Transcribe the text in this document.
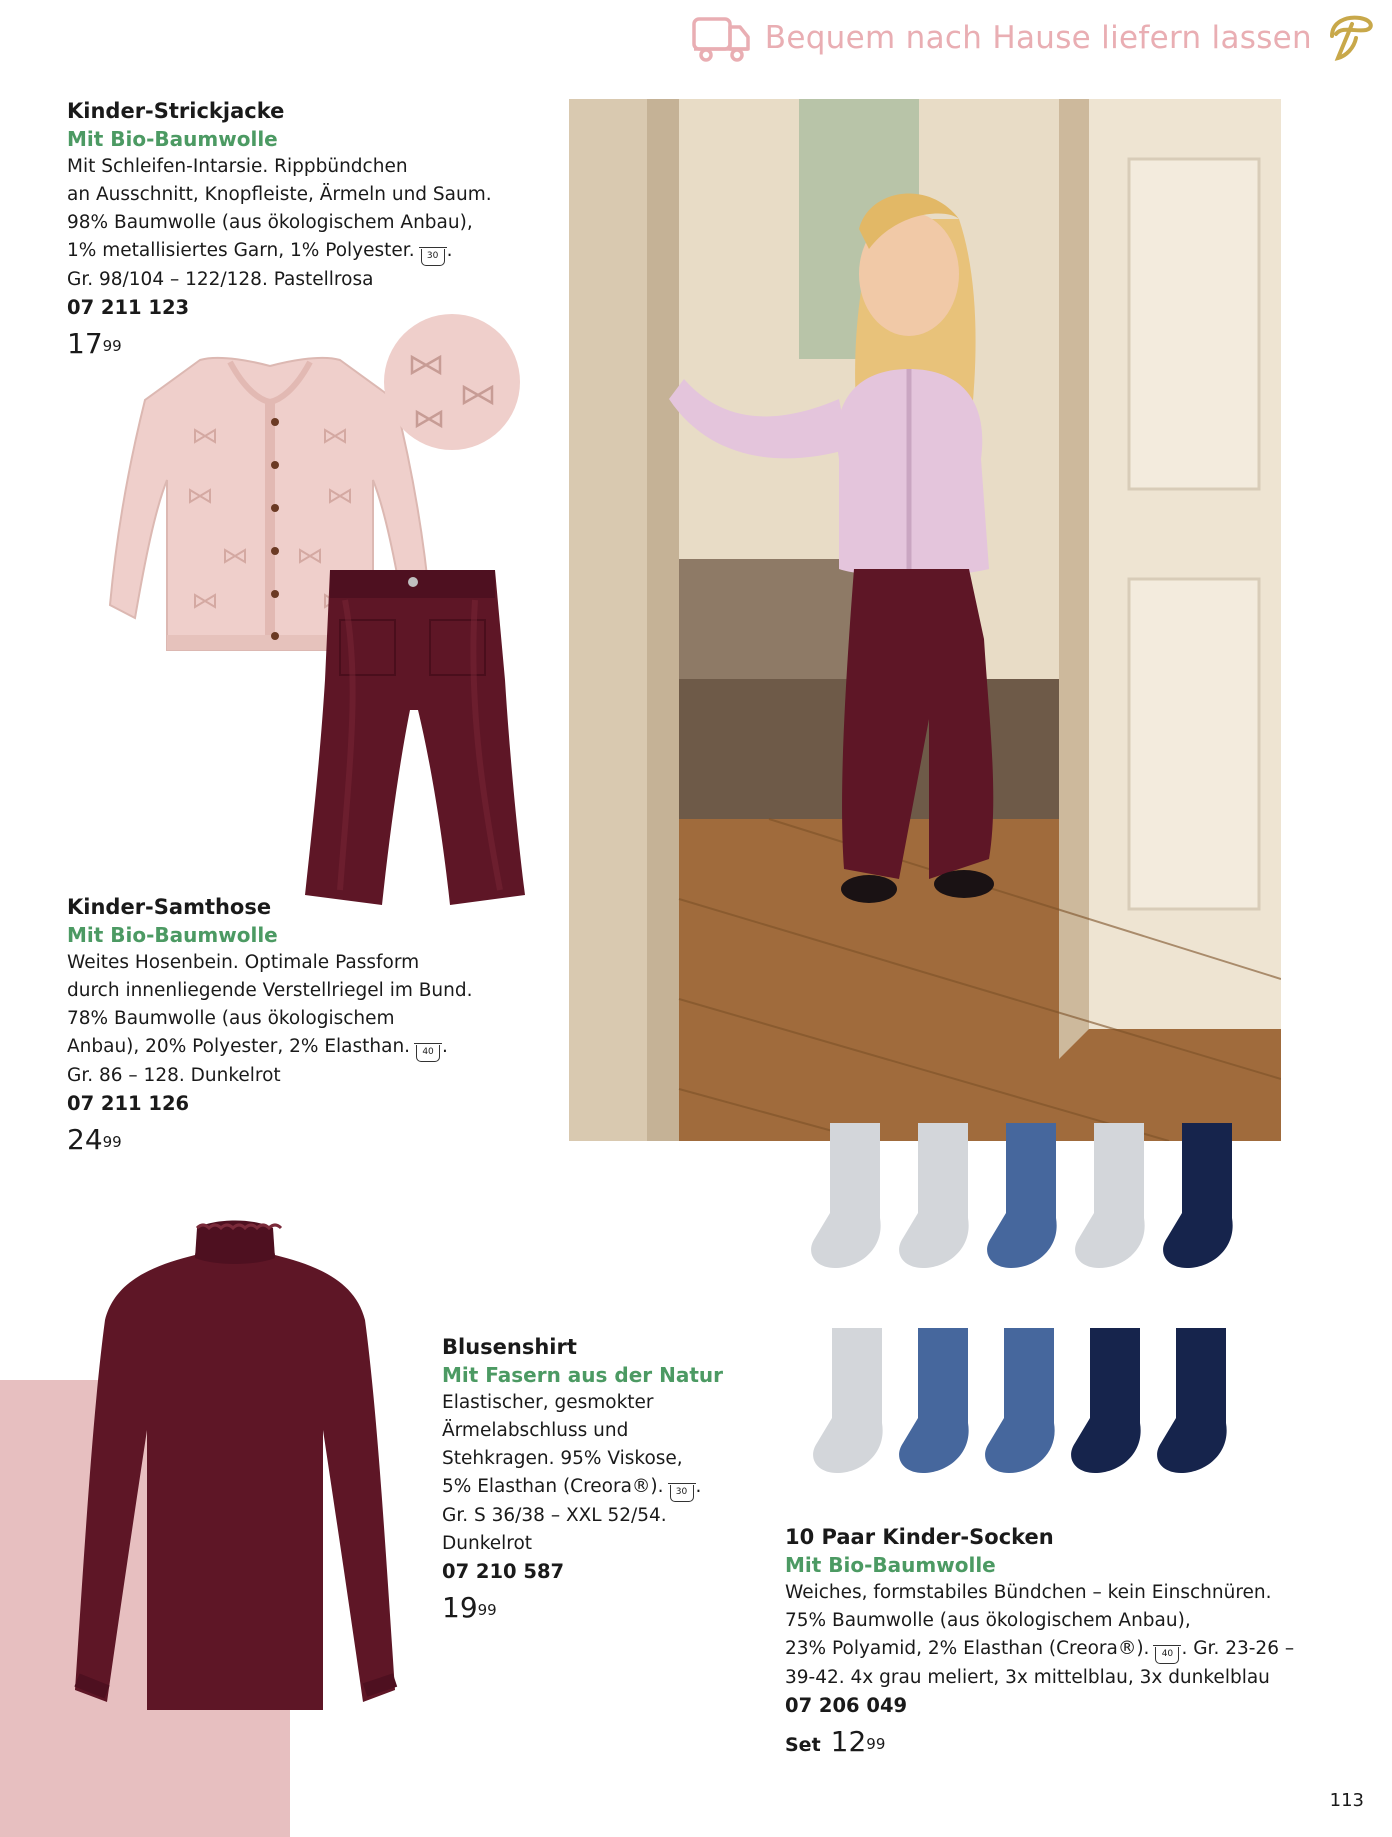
Bequem nach Hause liefern lassen
Kinder-Strickjacke
Mit Bio-Baumwolle
Mit Schleifen-Intarsie. Rippbündchen
an Ausschnitt, Knopfleiste, Ärmeln und Saum.
98% Baumwolle (aus ökologischem Anbau),
1% metallisiertes Garn, 1% Polyester. 30 .
Gr. 98/104 – 122/128. Pastellrosa
07 211 123
$17^{99}$
Kinder-Samthose
Mit Bio-Baumwolle
Weites Hosenbein. Optimale Passform
durch innenliegende Verstellriegel im Bund.
78% Baumwolle (aus ökologischem
Anbau), 20% Polyester, 2% Elasthan. 40 .
Gr. 86 – 128. Dunkelrot
07 211 126
$24^{99}$
Blusenshirt
Mit Fasern aus der Natur
Elastischer, gesmokter
Ärmelabschluss und
Stehkragen. 95% Viskose,
5% Elasthan (Creora®). 30 .
Gr. S 36/38 – XXL 52/54.
Dunkelrot
07 210 587
$19^{99}$
10 Paar Kinder-Socken
Mit Bio-Baumwolle
Weiches, formstabiles Bündchen – kein Einschnüren.
75% Baumwolle (aus ökologischem Anbau),
23% Polyamid, 2% Elasthan (Creora®). 40 . Gr. 23-26 –
39-42. 4x grau meliert, 3x mittelblau, 3x dunkelblau
07 206 049
Set $12^{99}$
113
